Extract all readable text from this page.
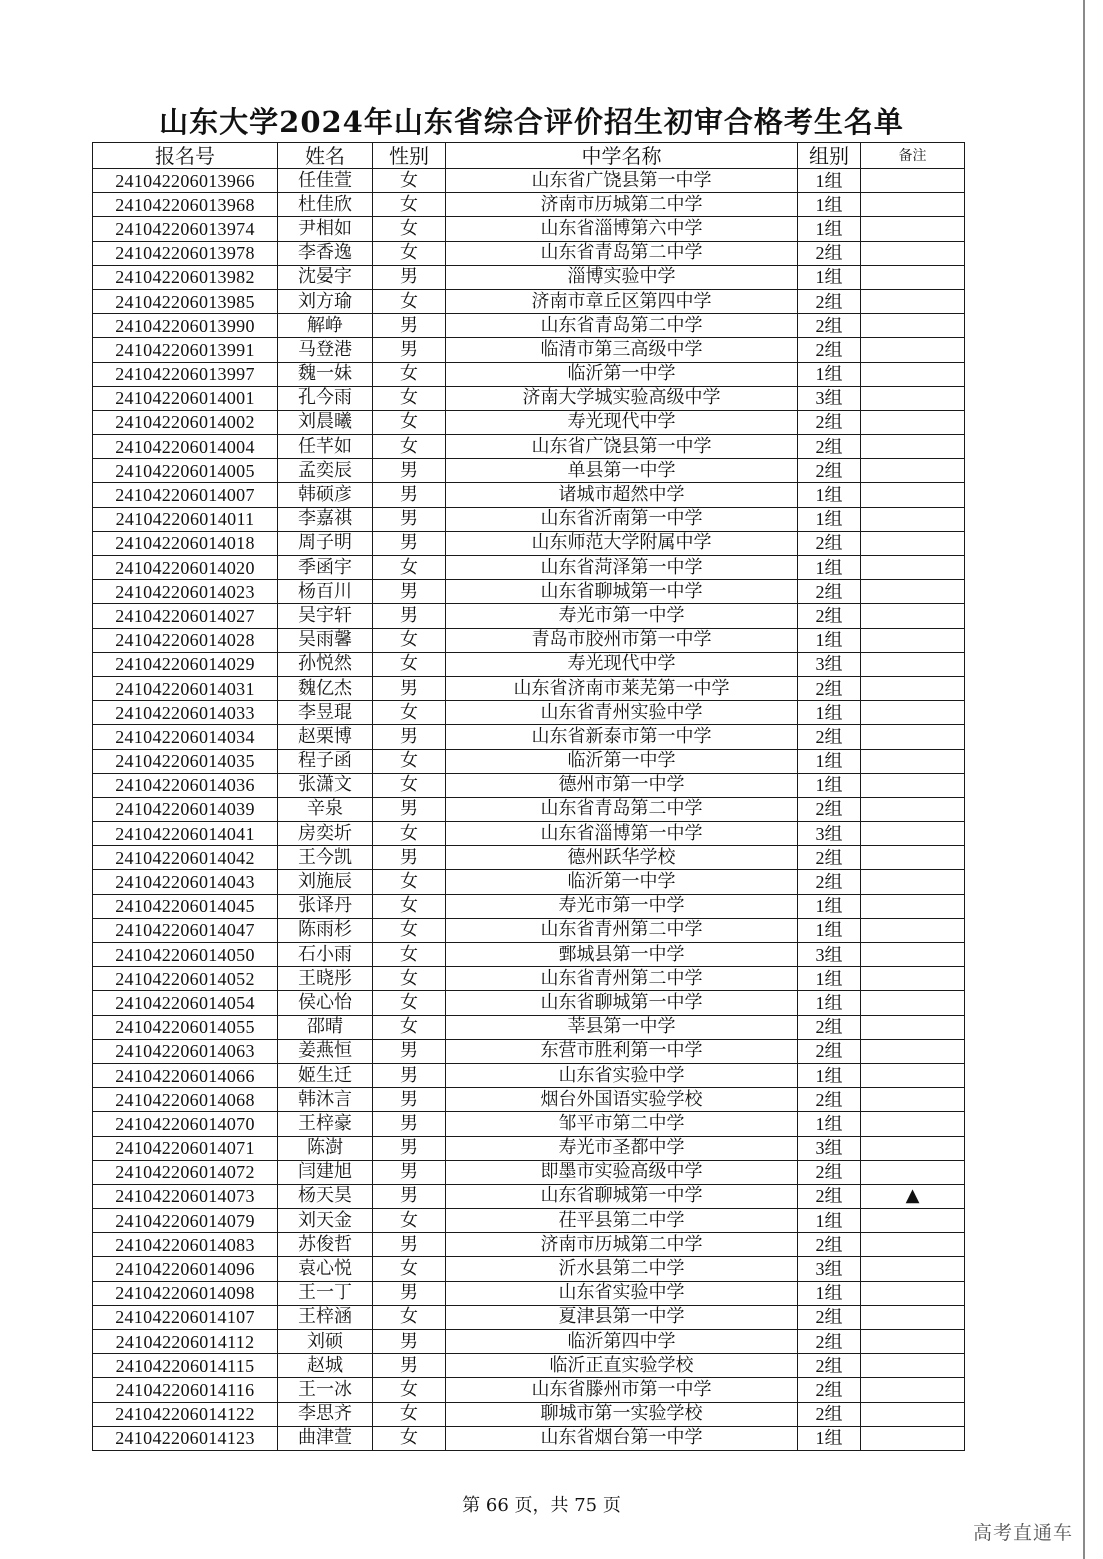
山东大学2024年山东省综合评价招生初审合格考生名单
报名号	姓名	性别	中学名称	组别	备注
241042206013966	任佳萱	女	山东省广饶县第一中学	1组	
241042206013968	杜佳欣	女	济南市历城第二中学	1组	
241042206013974	尹相如	女	山东省淄博第六中学	1组	
241042206013978	李香逸	女	山东省青岛第二中学	2组	
241042206013982	沈晏宇	男	淄博实验中学	1组	
241042206013985	刘方瑜	女	济南市章丘区第四中学	2组	
241042206013990	解峥	男	山东省青岛第二中学	2组	
241042206013991	马登港	男	临清市第三高级中学	2组	
241042206013997	魏一妹	女	临沂第一中学	1组	
241042206014001	孔今雨	女	济南大学城实验高级中学	3组	
241042206014002	刘晨曦	女	寿光现代中学	2组	
241042206014004	任芊如	女	山东省广饶县第一中学	2组	
241042206014005	孟奕辰	男	单县第一中学	2组	
241042206014007	韩硕彦	男	诸城市超然中学	1组	
241042206014011	李嘉祺	男	山东省沂南第一中学	1组	
241042206014018	周子明	男	山东师范大学附属中学	2组	
241042206014020	季函宇	女	山东省菏泽第一中学	1组	
241042206014023	杨百川	男	山东省聊城第一中学	2组	
241042206014027	吴宇轩	男	寿光市第一中学	2组	
241042206014028	吴雨馨	女	青岛市胶州市第一中学	1组	
241042206014029	孙悦然	女	寿光现代中学	3组	
241042206014031	魏亿杰	男	山东省济南市莱芜第一中学	2组	
241042206014033	李昱琨	女	山东省青州实验中学	1组	
241042206014034	赵栗博	男	山东省新泰市第一中学	2组	
241042206014035	程子函	女	临沂第一中学	1组	
241042206014036	张潇文	女	德州市第一中学	1组	
241042206014039	辛泉	男	山东省青岛第二中学	2组	
241042206014041	房奕圻	女	山东省淄博第一中学	3组	
241042206014042	王今凯	男	德州跃华学校	2组	
241042206014043	刘施辰	女	临沂第一中学	2组	
241042206014045	张译丹	女	寿光市第一中学	1组	
241042206014047	陈雨杉	女	山东省青州第二中学	1组	
241042206014050	石小雨	女	鄄城县第一中学	3组	
241042206014052	王晓彤	女	山东省青州第二中学	1组	
241042206014054	侯心怡	女	山东省聊城第一中学	1组	
241042206014055	邵晴	女	莘县第一中学	2组	
241042206014063	姜燕恒	男	东营市胜利第一中学	2组	
241042206014066	姬生迁	男	山东省实验中学	1组	
241042206014068	韩沐言	男	烟台外国语实验学校	2组	
241042206014070	王梓豪	男	邹平市第二中学	1组	
241042206014071	陈澍	男	寿光市圣都中学	3组	
241042206014072	闫建旭	男	即墨市实验高级中学	2组	
241042206014073	杨天昊	男	山东省聊城第一中学	2组	▲
241042206014079	刘天金	女	茌平县第二中学	1组	
241042206014083	苏俊哲	男	济南市历城第二中学	2组	
241042206014096	袁心悦	女	沂水县第二中学	3组	
241042206014098	王一丁	男	山东省实验中学	1组	
241042206014107	王梓涵	女	夏津县第一中学	2组	
241042206014112	刘硕	男	临沂第四中学	2组	
241042206014115	赵城	男	临沂正直实验学校	2组	
241042206014116	王一冰	女	山东省滕州市第一中学	2组	
241042206014122	李思齐	女	聊城市第一实验学校	2组	
241042206014123	曲津萱	女	山东省烟台第一中学	1组	
第 66 页，共 75 页
高考直通车
